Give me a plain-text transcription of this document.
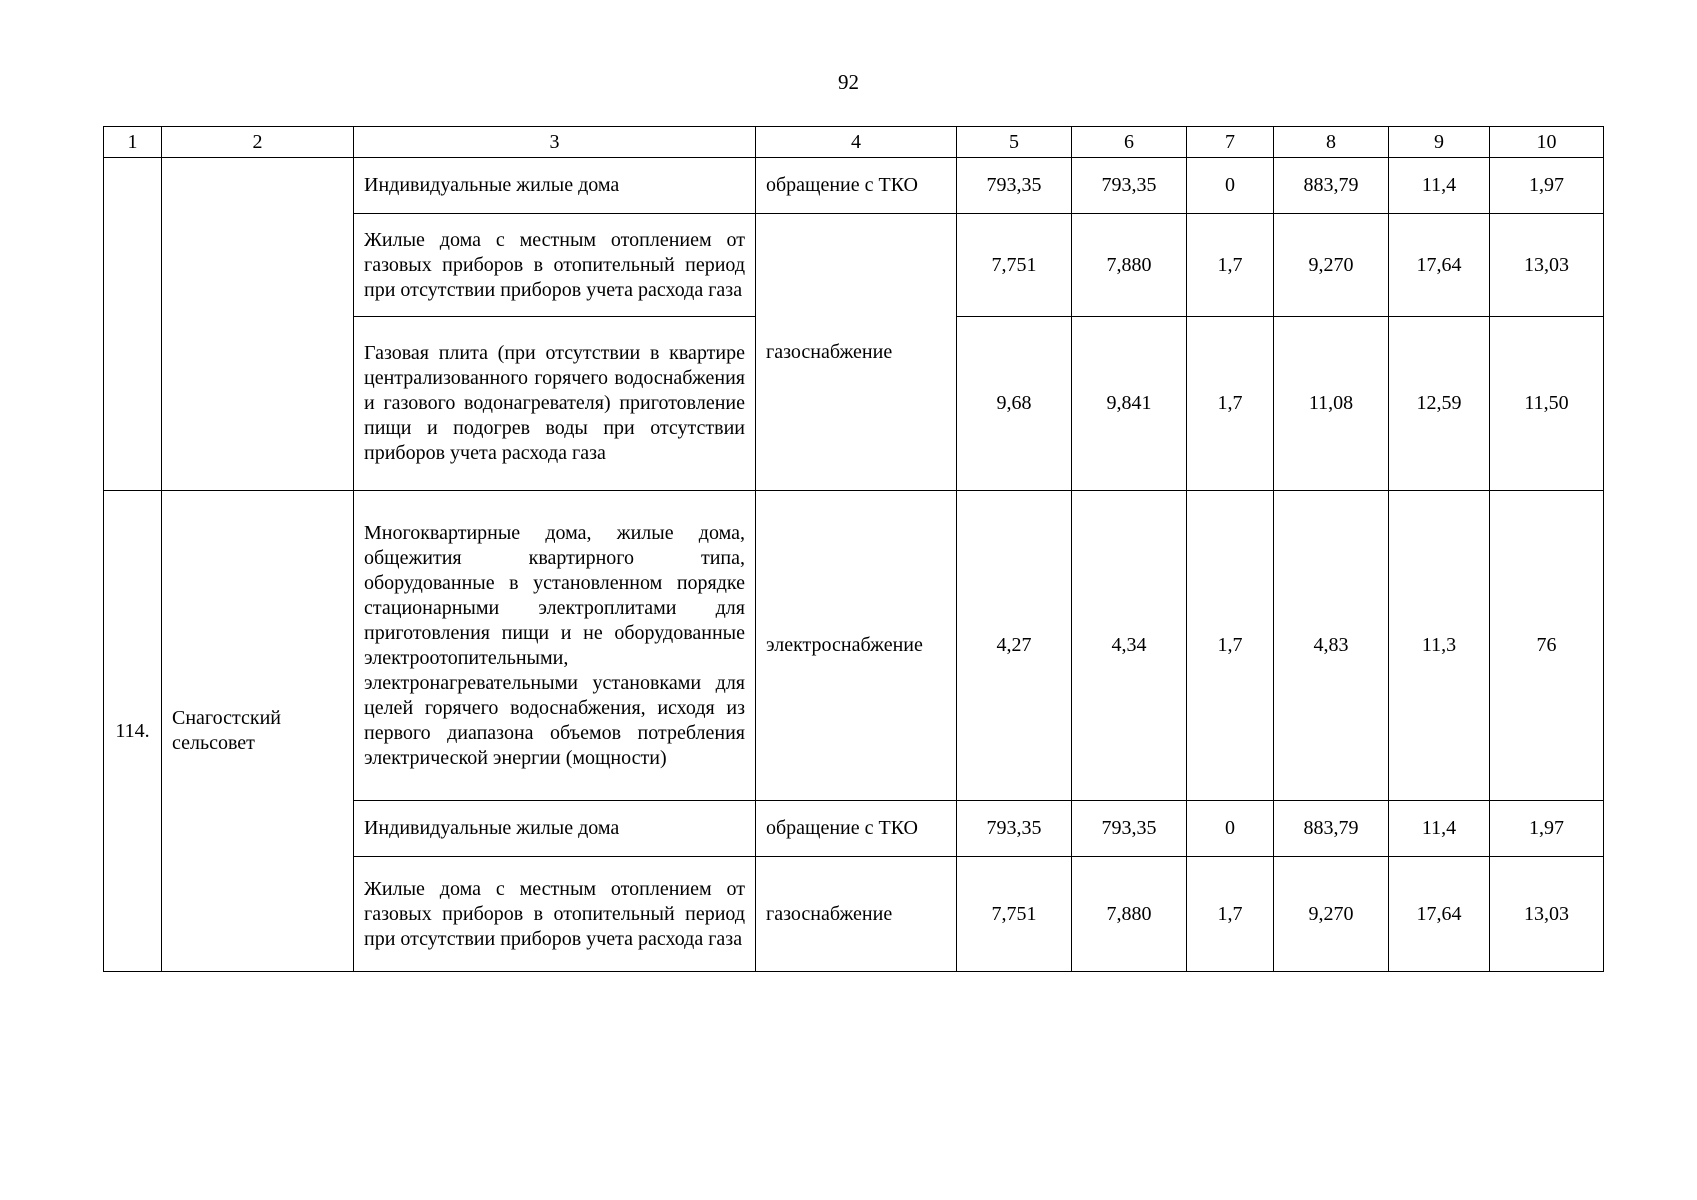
92
1	2	3	4	5	6	7	8	9	10
		Индивидуальные жилые дома	обращение с ТКО	793,35	793,35	0	883,79	11,4	1,97
		Жилые дома с местным отоплением от газовых приборов в отопительный период при отсутствии приборов учета расхода газа	газоснабжение	7,751	7,880	1,7	9,270	17,64	13,03
		Газовая плита (при отсутствии в квартире централизованного горячего водоснабжения и газового водонагревателя) приготовление пищи и подогрев воды при отсутствии приборов учета расхода газа		9,68	9,841	1,7	11,08	12,59	11,50
114.	Снагостский сельсовет	Многоквартирные дома, жилые дома, общежития квартирного типа, оборудованные в установленном порядке стационарными электроплитами для приготовления пищи и не оборудованные электроотопительными, электронагревательными установками для целей горячего водоснабжения, исходя из первого диапазона объемов потребления электрической энергии (мощности)	электроснабжение	4,27	4,34	1,7	4,83	11,3	76
		Индивидуальные жилые дома	обращение с ТКО	793,35	793,35	0	883,79	11,4	1,97
		Жилые дома с местным отоплением от газовых приборов в отопительный период при отсутствии приборов учета расхода газа	газоснабжение	7,751	7,880	1,7	9,270	17,64	13,03
